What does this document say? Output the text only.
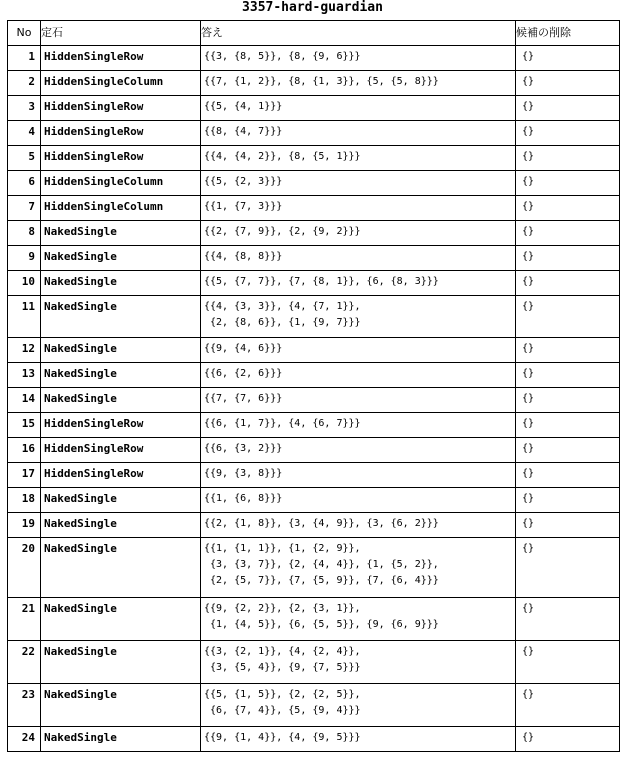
3357-hard-guardian
No	定石	答え	候補の削除
1	HiddenSingleRow	{{3, {8, 5}}, {8, {9, 6}}}	{}
2	HiddenSingleColumn	{{7, {1, 2}}, {8, {1, 3}}, {5, {5, 8}}}	{}
3	HiddenSingleRow	{{5, {4, 1}}}	{}
4	HiddenSingleRow	{{8, {4, 7}}}	{}
5	HiddenSingleRow	{{4, {4, 2}}, {8, {5, 1}}}	{}
6	HiddenSingleColumn	{{5, {2, 3}}}	{}
7	HiddenSingleColumn	{{1, {7, 3}}}	{}
8	NakedSingle	{{2, {7, 9}}, {2, {9, 2}}}	{}
9	NakedSingle	{{4, {8, 8}}}	{}
10	NakedSingle	{{5, {7, 7}}, {7, {8, 1}}, {6, {8, 3}}}	{}
11	NakedSingle	{{4, {3, 3}}, {4, {7, 1}},
{2, {8, 6}}, {1, {9, 7}}}	{}
12	NakedSingle	{{9, {4, 6}}}	{}
13	NakedSingle	{{6, {2, 6}}}	{}
14	NakedSingle	{{7, {7, 6}}}	{}
15	HiddenSingleRow	{{6, {1, 7}}, {4, {6, 7}}}	{}
16	HiddenSingleRow	{{6, {3, 2}}}	{}
17	HiddenSingleRow	{{9, {3, 8}}}	{}
18	NakedSingle	{{1, {6, 8}}}	{}
19	NakedSingle	{{2, {1, 8}}, {3, {4, 9}}, {3, {6, 2}}}	{}
20	NakedSingle	{{1, {1, 1}}, {1, {2, 9}},
{3, {3, 7}}, {2, {4, 4}}, {1, {5, 2}},
{2, {5, 7}}, {7, {5, 9}}, {7, {6, 4}}}	{}
21	NakedSingle	{{9, {2, 2}}, {2, {3, 1}},
{1, {4, 5}}, {6, {5, 5}}, {9, {6, 9}}}	{}
22	NakedSingle	{{3, {2, 1}}, {4, {2, 4}},
{3, {5, 4}}, {9, {7, 5}}}	{}
23	NakedSingle	{{5, {1, 5}}, {2, {2, 5}},
{6, {7, 4}}, {5, {9, 4}}}	{}
24	NakedSingle	{{9, {1, 4}}, {4, {9, 5}}}	{}
